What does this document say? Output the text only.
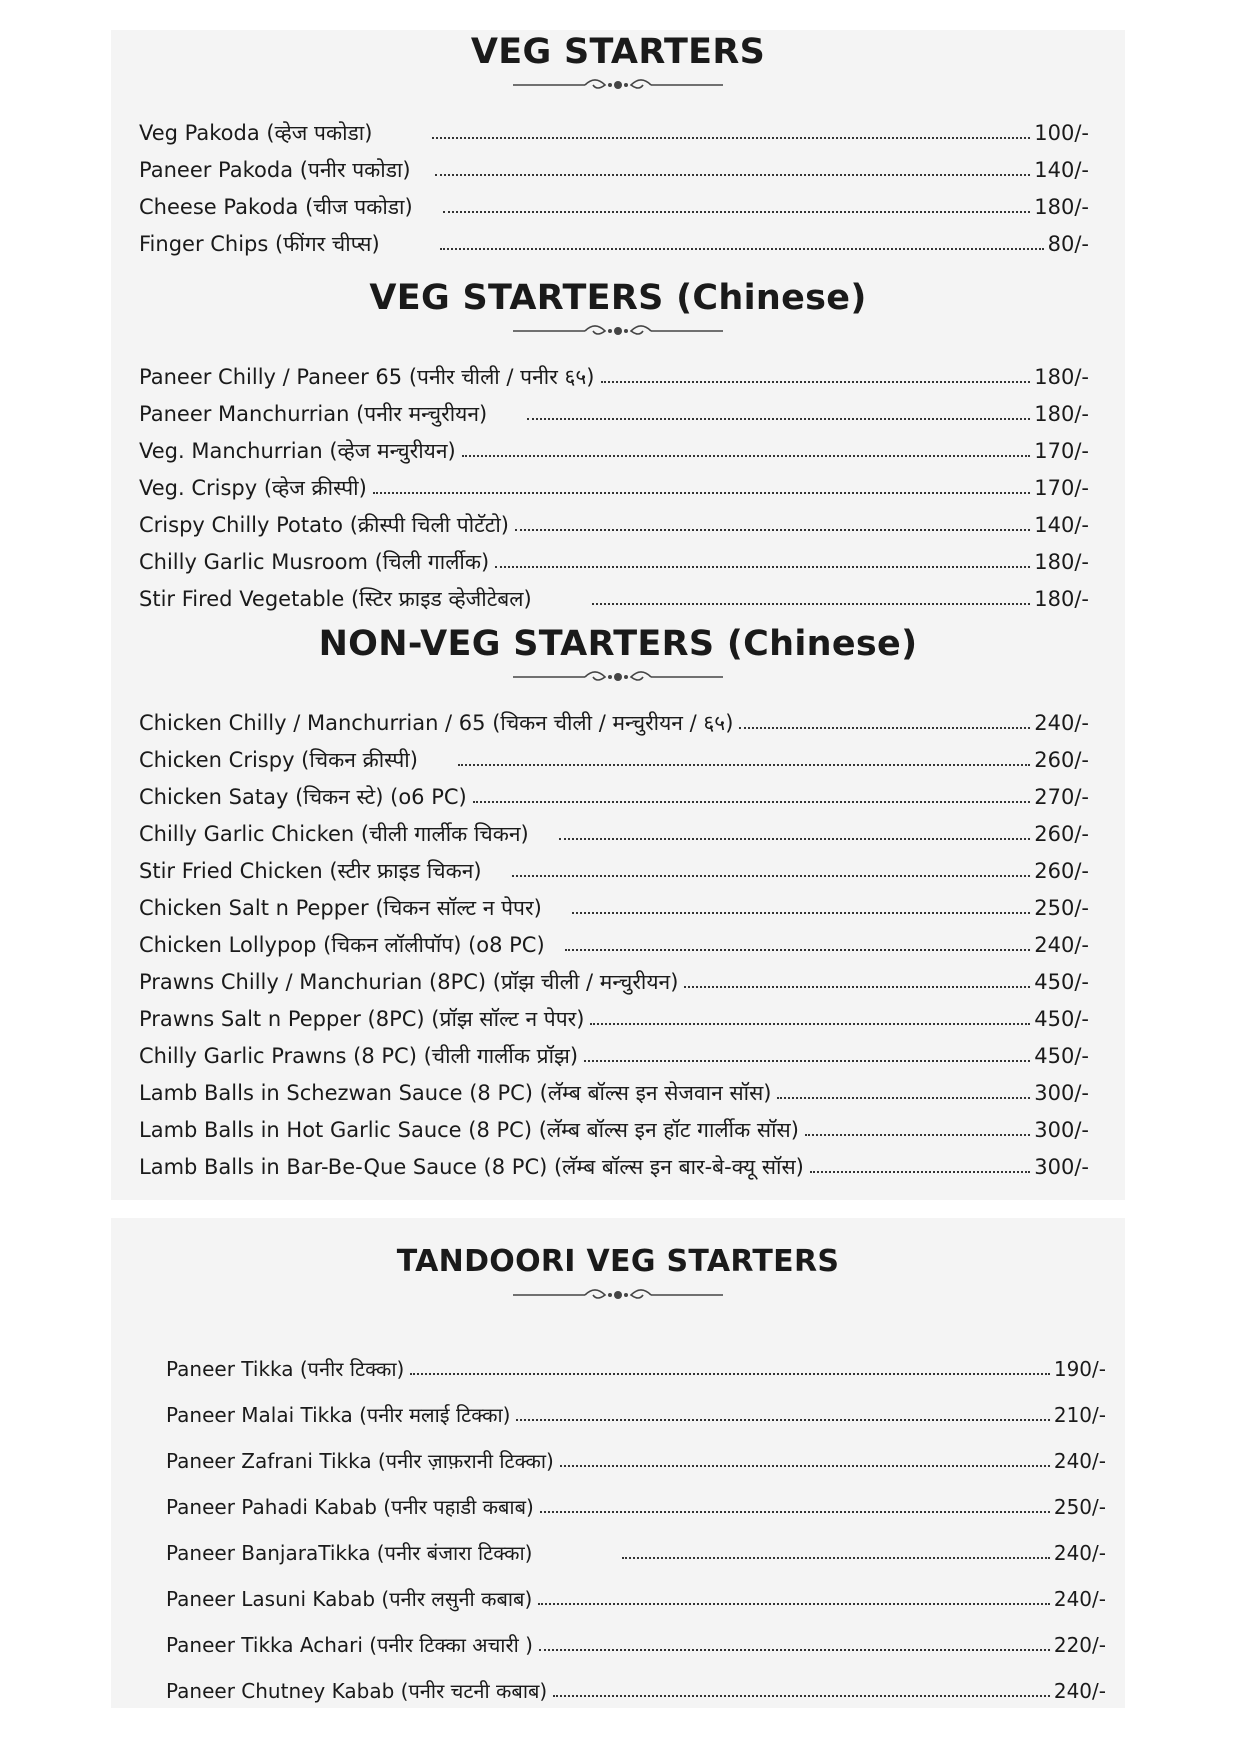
VEG STARTERS
Veg Pakoda (व्हेज पकोडा)	100/-
Paneer Pakoda (पनीर पकोडा)	140/-
Cheese Pakoda (चीज पकोडा)	180/-
Finger Chips (फींगर चीप्स)	80/-
VEG STARTERS (Chinese)
Paneer Chilly / Paneer 65 (पनीर चीली / पनीर ६५)	180/-
Paneer Manchurrian (पनीर मन्चुरीयन)	180/-
Veg. Manchurrian (व्हेज मन्चुरीयन)	170/-
Veg. Crispy (व्हेज क्रीस्पी)	170/-
Crispy Chilly Potato (क्रीस्पी चिली पोटॅटो)	140/-
Chilly Garlic Musroom (चिली गार्लीक)	180/-
Stir Fired Vegetable (स्टिर फ्राइड व्हेजीटेबल)	180/-
NON-VEG STARTERS (Chinese)
Chicken Chilly / Manchurrian / 65 (चिकन चीली / मन्चुरीयन / ६५)	240/-
Chicken Crispy (चिकन क्रीस्पी)	260/-
Chicken Satay (चिकन स्टे) (o6 PC)	270/-
Chilly Garlic Chicken (चीली गार्लीक चिकन)	260/-
Stir Fried Chicken (स्टीर फ्राइड चिकन)	260/-
Chicken Salt n Pepper (चिकन सॉल्ट न पेपर)	250/-
Chicken Lollypop (चिकन लॉलीपॉप) (o8 PC)	240/-
Prawns Chilly / Manchurian (8PC) (प्रॉझ चीली / मन्चुरीयन)	450/-
Prawns Salt n Pepper (8PC) (प्रॉझ सॉल्ट न पेपर)	450/-
Chilly Garlic Prawns (8 PC) (चीली गार्लीक प्रॉझ)	450/-
Lamb Balls in Schezwan Sauce (8 PC) (लॅम्ब बॉल्स इन सेजवान सॉस)	300/-
Lamb Balls in Hot Garlic Sauce (8 PC) (लॅम्ब बॉल्स इन हॉट गार्लीक सॉस)	300/-
Lamb Balls in Bar-Be-Que Sauce (8 PC) (लॅम्ब बॉल्स इन बार-बे-क्यू सॉस)	300/-
TANDOORI VEG STARTERS
Paneer Tikka (पनीर टिक्का)	190/-
Paneer Malai Tikka (पनीर मलाई टिक्का)	210/-
Paneer Zafrani Tikka (पनीर ज़ाफ़रानी टिक्का)	240/-
Paneer Pahadi Kabab (पनीर पहाडी कबाब)	250/-
Paneer BanjaraTikka (पनीर बंजारा टिक्का)	240/-
Paneer Lasuni Kabab (पनीर लसुनी कबाब)	240/-
Paneer Tikka Achari (पनीर टिक्का अचारी )	220/-
Paneer Chutney Kabab (पनीर चटनी कबाब)	240/-
